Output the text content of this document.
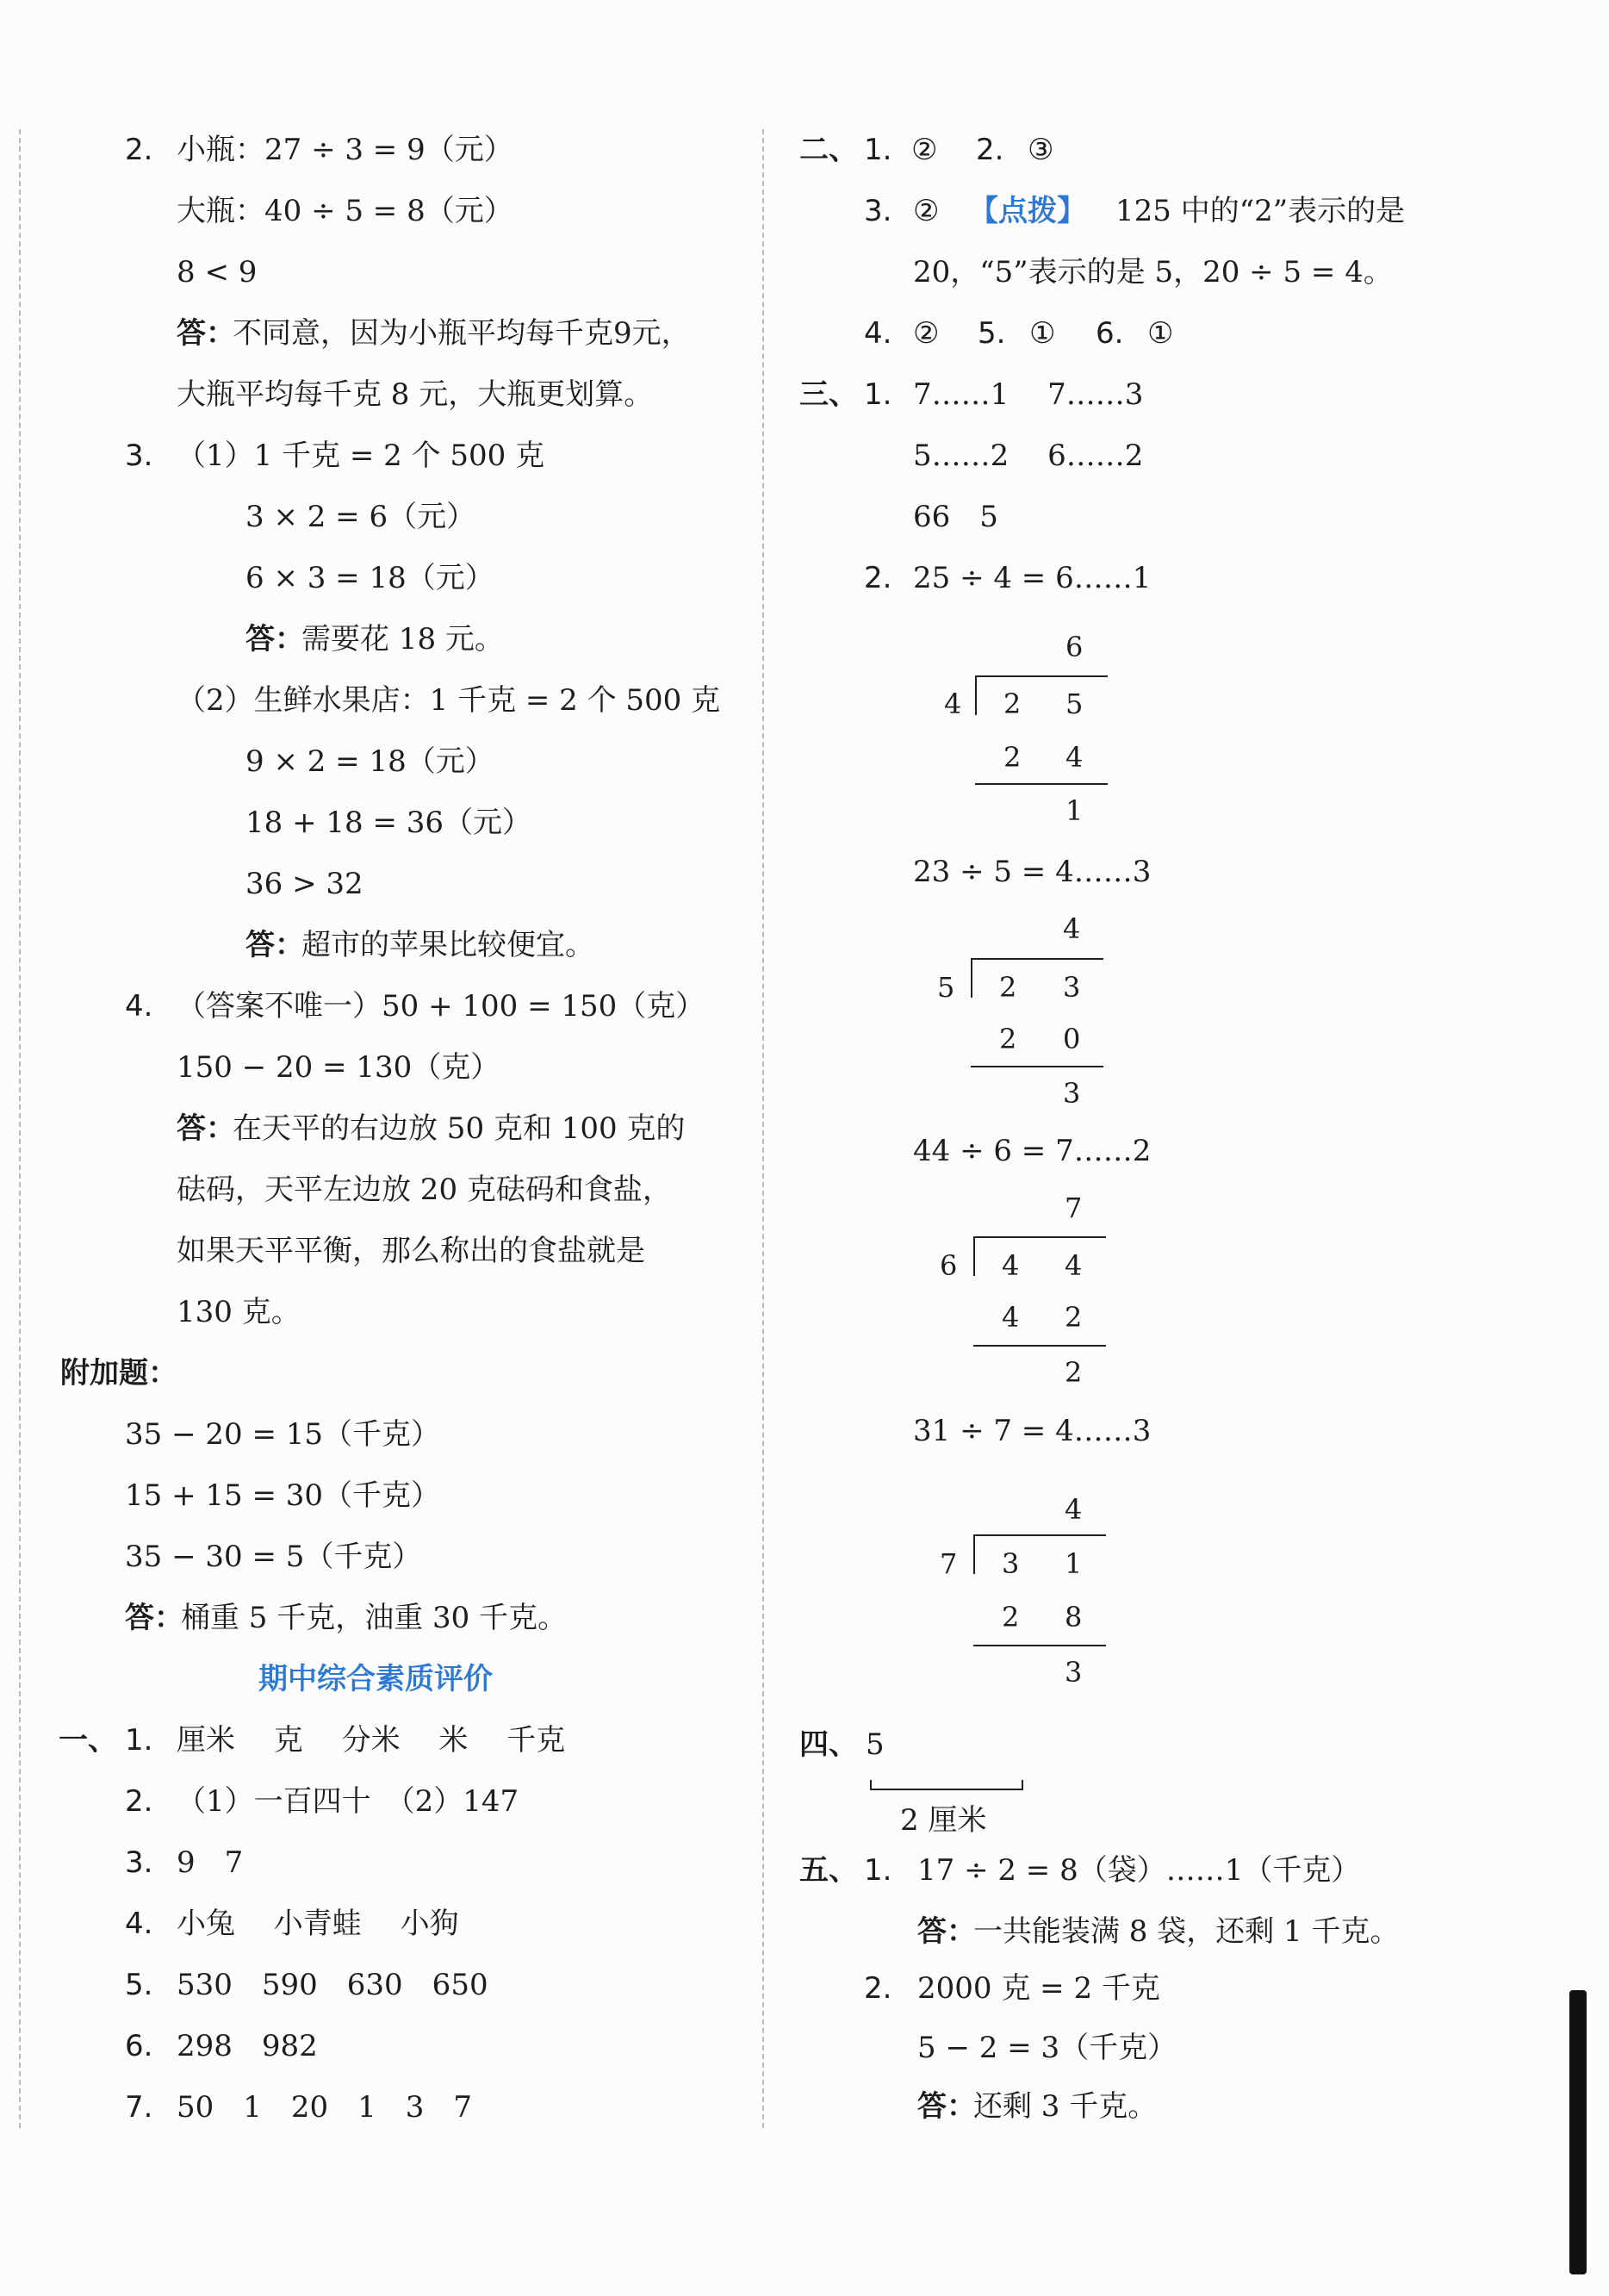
2. 小瓶：27 ÷ 3 = 9（元）
大瓶：40 ÷ 5 = 8（元）
8 < 9
答：
不同意，因为小瓶平均每千克9元，
大瓶平均每千克 8 元，大瓶更划算。
3. （1）1 千克 = 2 个 500 克
3 × 2 = 6（元）
6 × 3 = 18（元）
答：
需要花 18 元。
（2）生鲜水果店：1 千克 = 2 个 500 克
9 × 2 = 18（元）
18 + 18 = 36（元）
36 > 32
答：
超市的苹果比较便宜。
4. （答案不唯一）50 + 100 = 150（克）
150 − 20 = 130（克）
答：
在天平的右边放 50 克和 100 克的
砝码，天平左边放 20 克砝码和食盐，
如果天平平衡，那么称出的食盐就是
130 克。
附加题：
35 − 20 = 15（千克）
15 + 15 = 30（千克）
35 − 30 = 5（千克）
答：
桶重 5 千克，油重 30 千克。
期中综合素质评价
一、 1. 厘米　 克　 分米　 米　 千克
2. （1）一百四十　（2）147
3. 9　7
4. 小兔　 小青蛙　 小狗
5. 530　590　630　650
6. 298　982
7. 50　1　20　1　3　7
二、 1. ② 2. ③
3. ② 【点拨】 125 中的“2”表示的是
20，“5”表示的是 5，20 ÷ 5 = 4。
4. ② 5. ① 6. ①
三、 1. 7……1　 7……3
5……2　 6……2
66　5
2. 25 ÷ 4 = 6……1
6
4 2 5
2 4
1
23 ÷ 5 = 4……3
4
5 2 3
2 0
3
44 ÷ 6 = 7……2
7
6 4 4
4 2
2
31 ÷ 7 = 4……3
4
7 3 1
2 8
3
四、 5
2 厘米
五、 1. 17 ÷ 2 = 8（袋）……1（千克）
答：
一共能装满 8 袋，还剩 1 千克。
2. 2000 克 = 2 千克
5 − 2 = 3（千克）
答：
还剩 3 千克。
